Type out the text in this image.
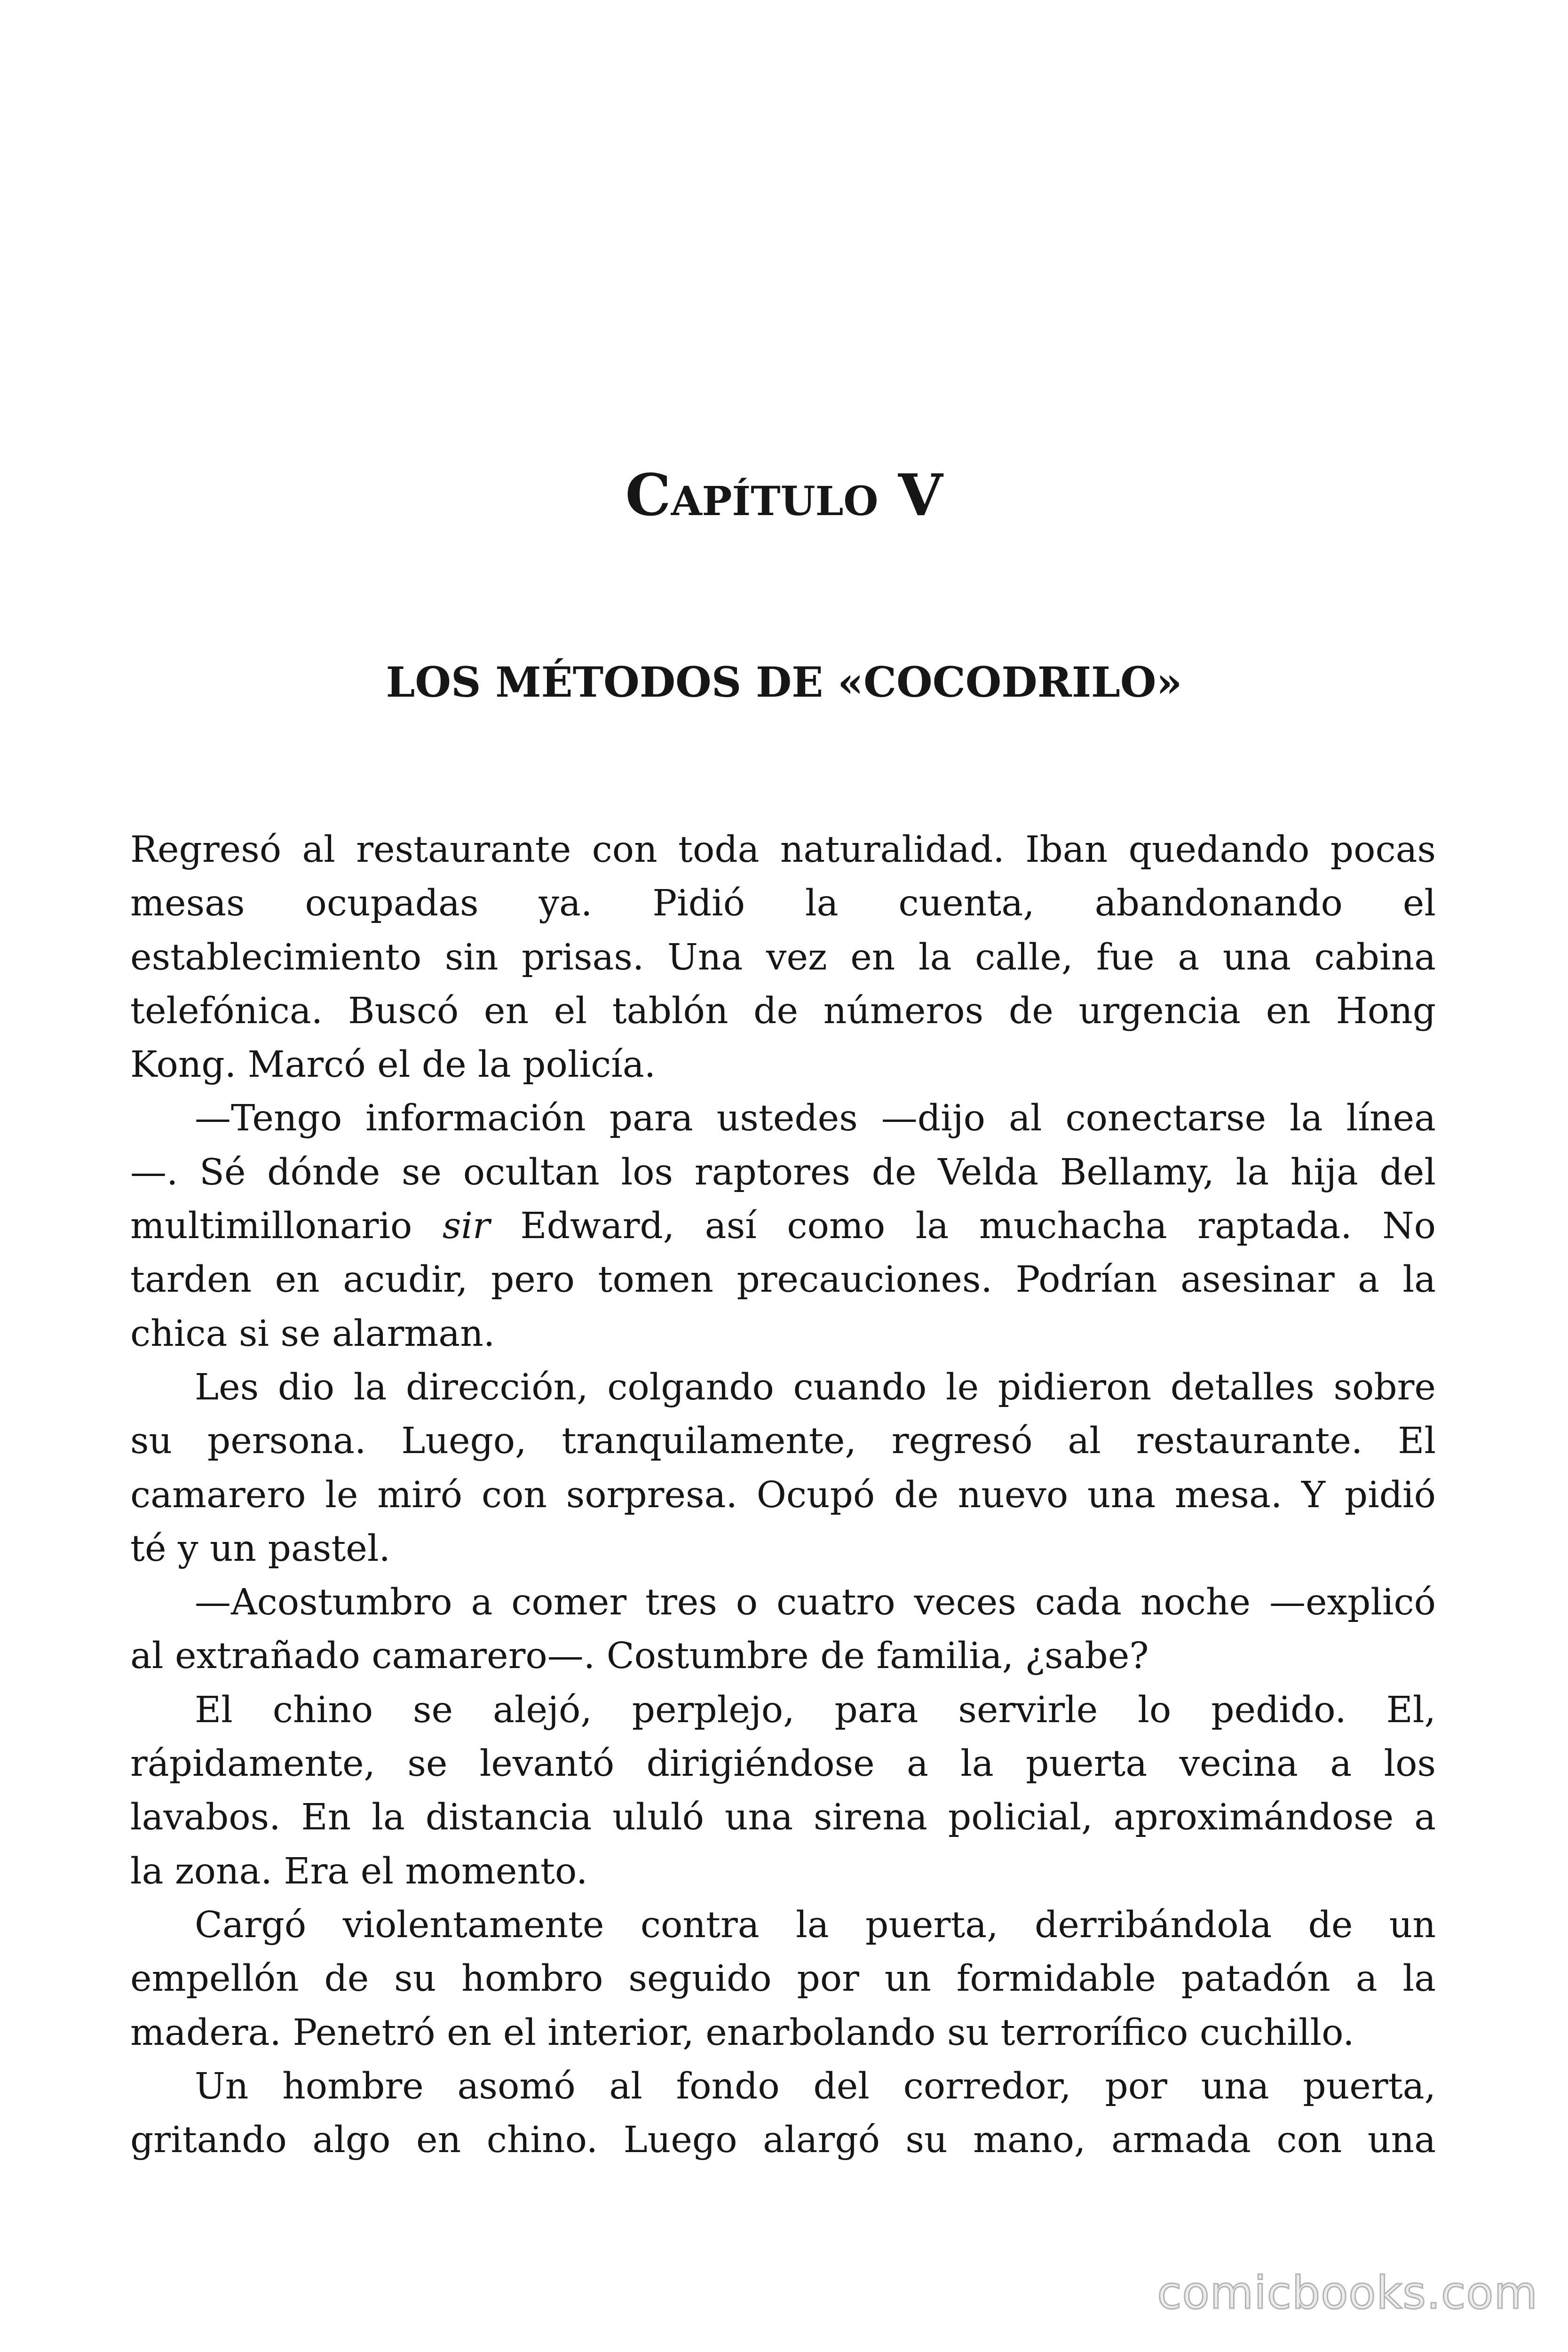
Capítulo V
LOS MÉTODOS DE «COCODRILO»
Regresó al restaurante con toda naturalidad. Iban quedando pocas
mesas ocupadas ya. Pidió la cuenta, abandonando el
establecimiento sin prisas. Una vez en la calle, fue a una cabina
telefónica. Buscó en el tablón de números de urgencia en Hong
Kong. Marcó el de la policía.
—Tengo información para ustedes —dijo al conectarse la línea
—. Sé dónde se ocultan los raptores de Velda Bellamy, la hija del
multimillonario sir Edward, así como la muchacha raptada. No
tarden en acudir, pero tomen precauciones. Podrían asesinar a la
chica si se alarman.
Les dio la dirección, colgando cuando le pidieron detalles sobre
su persona. Luego, tranquilamente, regresó al restaurante. El
camarero le miró con sorpresa. Ocupó de nuevo una mesa. Y pidió
té y un pastel.
—Acostumbro a comer tres o cuatro veces cada noche —explicó
al extrañado camarero—. Costumbre de familia, ¿sabe?
El chino se alejó, perplejo, para servirle lo pedido. El,
rápidamente, se levantó dirigiéndose a la puerta vecina a los
lavabos. En la distancia ululó una sirena policial, aproximándose a
la zona. Era el momento.
Cargó violentamente contra la puerta, derribándola de un
empellón de su hombro seguido por un formidable patadón a la
madera. Penetró en el interior, enarbolando su terrorífico cuchillo.
Un hombre asomó al fondo del corredor, por una puerta,
gritando algo en chino. Luego alargó su mano, armada con una
comicbooks.com
